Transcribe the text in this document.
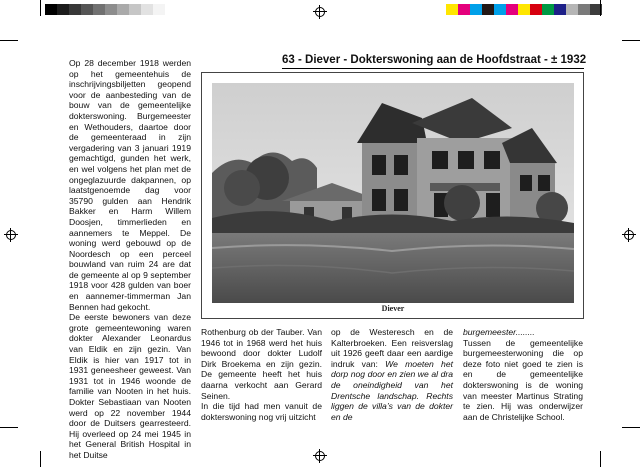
63 - Diever - Dokterswoning aan de Hoofdstraat - ± 1932

Op 28 december 1918 werden op het gemeentehuis de inschrijvingsbiljetten geopend voor de aanbesteding van de bouw van de gemeentelijke dokterswoning. Burgemeester en Wethouders, daartoe door de gemeenteraad in zijn vergadering van 3 januari 1919 gemachtigd, gunden het werk, en wel volgens het plan met de ongeglazuurde dakpannen, op laatstgenoemde dag voor 35790 gulden aan Hendrik Bakker en Harm Willem Doosjen, timmerlieden en aannemers te Meppel. De woning werd gebouwd op de Noordesch op een perceel bouwland van ruim 24 are dat de gemeente al op 9 september 1918 voor 428 gulden van boer en aannemer-timmerman Jan Bennen had gekocht.

De eerste bewoners van deze grote gemeentewoning waren dokter Alexander Leonardus van Eldik en zijn gezin. Van Eldik is hier van 1917 tot in 1931 geneesheer geweest. Van 1931 tot in 1946 woonde de familie van Nooten in het huis. Dokter Sebastiaan van Nooten werd op 22 november 1944 door de Duitsers gearresteerd. Hij overleed op 24 mei 1945 in het General British Hospital in het Duitse

Diever

Rothenburg ob der Tauber. Van 1946 tot in 1968 werd het huis bewoond door dokter Ludolf Dirk Broekema en zijn gezin. De gemeente heeft het huis daarna verkocht aan Gerard Seinen.

In die tijd had men vanuit de dokterswoning nog vrij uitzicht

op de Westeresch en de Kalterbroeken. Een reisverslag uit 1926 geeft daar een aardige indruk van: We moeten het dorp nog door en zien we al dra de oneindigheid van het Drentsche landschap. Rechts liggen de villa’s van de dokter en de

burgemeester........

Tussen de gemeentelijke burgemeesterwoning die op deze foto niet goed te zien is en de gemeentelijke dokterswoning is de woning van meester Martinus Strating te zien. Hij was onderwijzer aan de Christelijke School.
